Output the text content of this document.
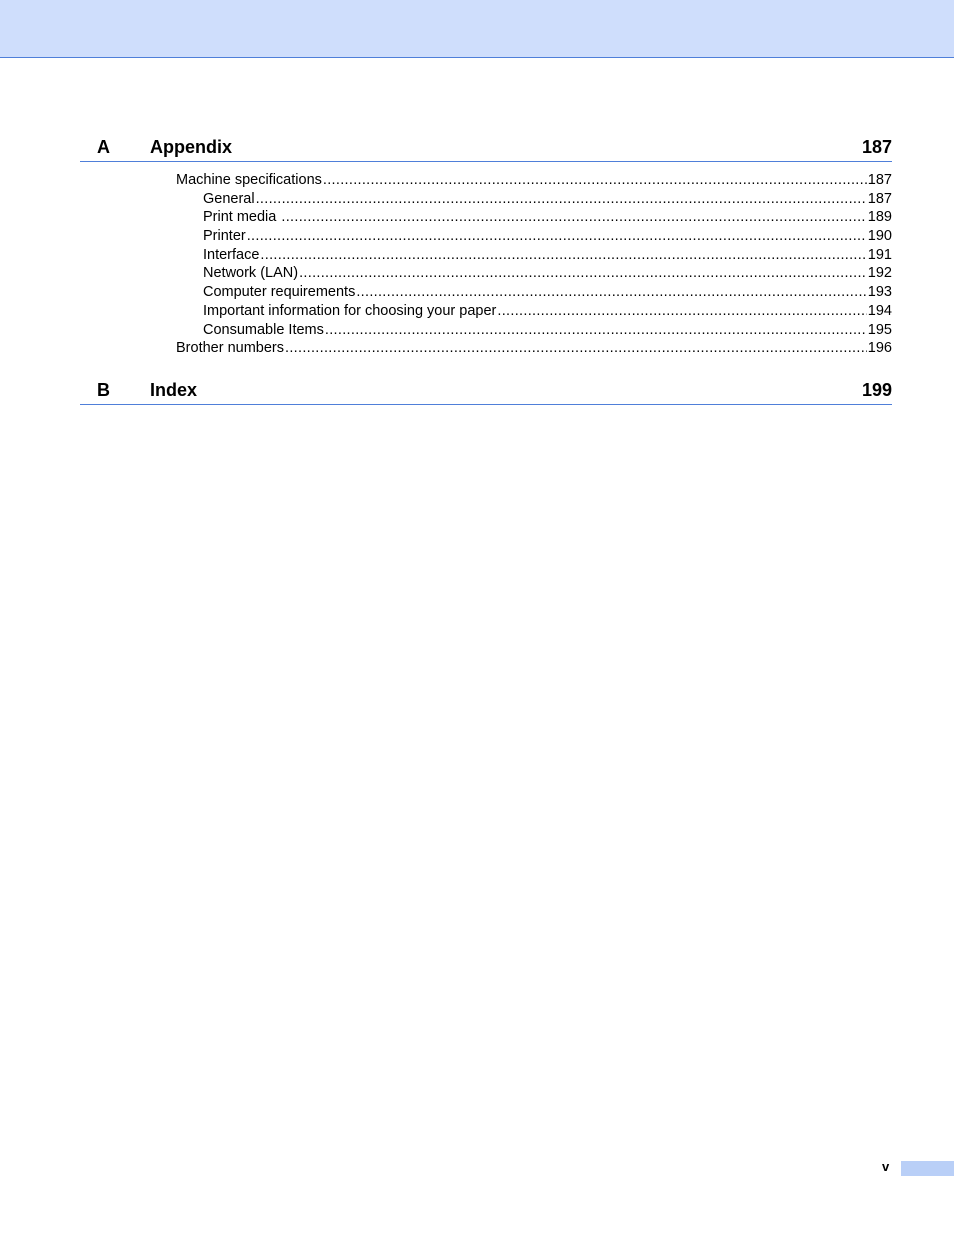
A Appendix	187
Machine specifications .....	187
General .....	187
Print media .....	189
Printer .....	190
Interface .....	191
Network (LAN) .....	192
Computer requirements .....	193
Important information for choosing your paper .....	194
Consumable Items .....	195
Brother numbers .....	196
B Index	199
v
